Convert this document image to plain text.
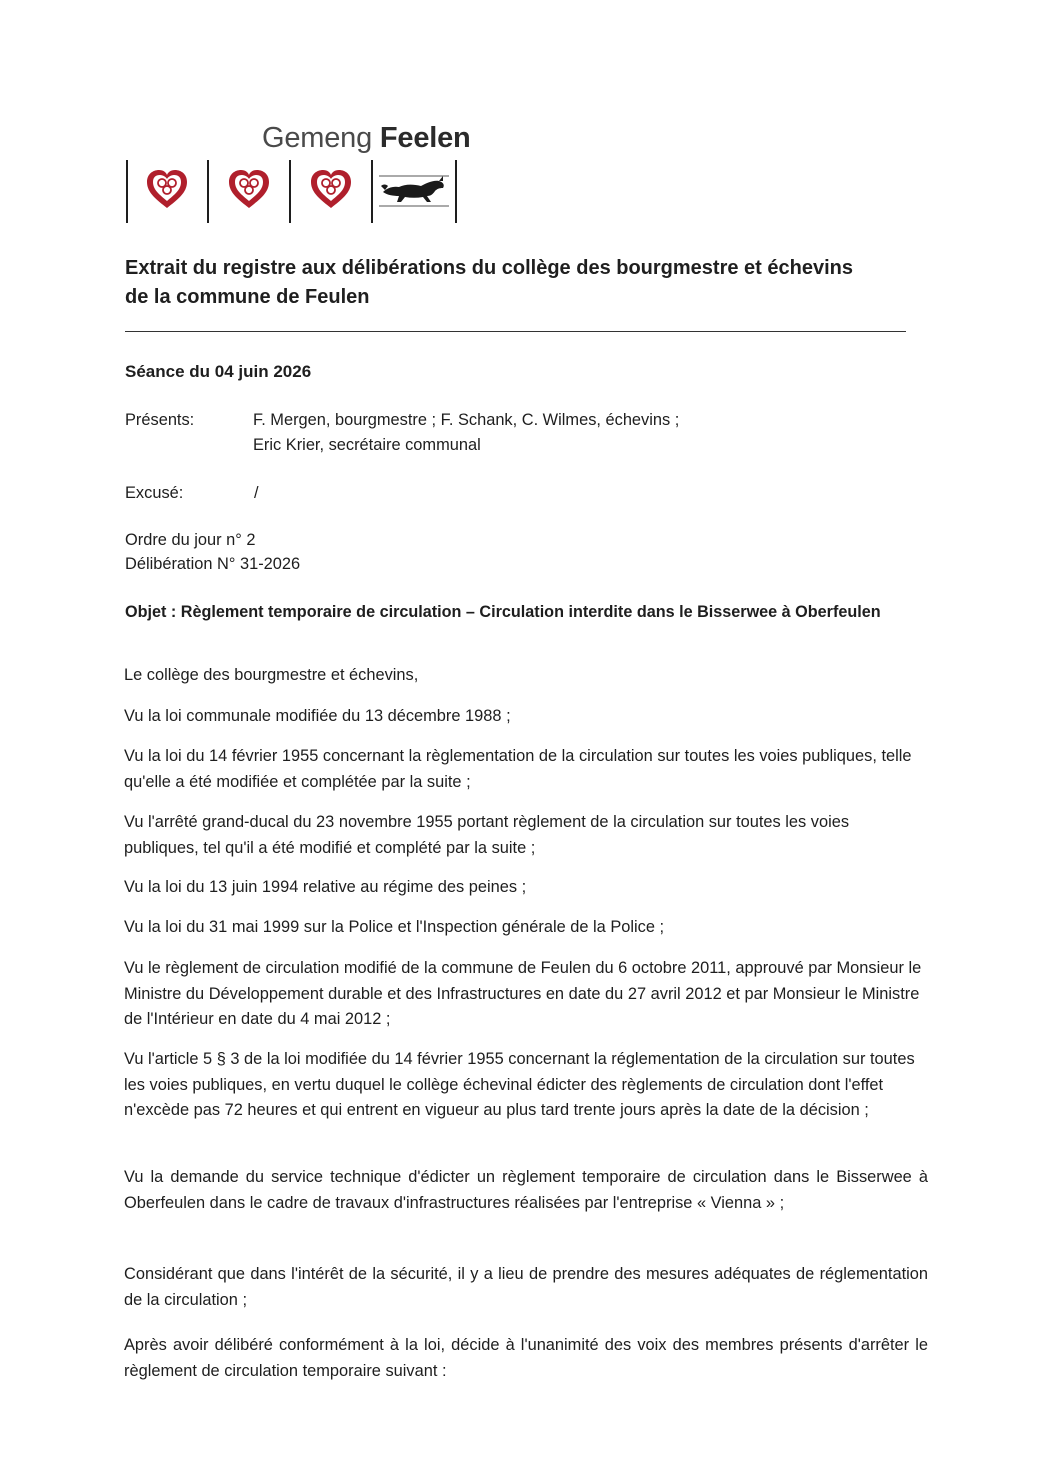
Gemeng Feelen
Extrait du registre aux délibérations du collège des bourgmestre et échevins
de la commune de Feulen
Séance du 04 juin 2026
Présents:	F. Mergen, bourgmestre ; F. Schank, C. Wilmes, échevins ;
Eric Krier, secrétaire communal
Excusé:	/
Ordre du jour n° 2
Délibération N° 31-2026
Objet : Règlement temporaire de circulation – Circulation interdite dans le Bisserwee à Oberfeulen
Le collège des bourgmestre et échevins,
Vu la loi communale modifiée du 13 décembre 1988 ;
Vu la loi du 14 février 1955 concernant la règlementation de la circulation sur toutes les voies publiques, telle qu'elle a été modifiée et complétée par la suite ;
Vu l'arrêté grand-ducal du 23 novembre 1955 portant règlement de la circulation sur toutes les voies publiques, tel qu'il a été modifié et complété par la suite ;
Vu la loi du 13 juin 1994 relative au régime des peines ;
Vu la loi du 31 mai 1999 sur la Police et l'Inspection générale de la Police ;
Vu le règlement de circulation modifié de la commune de Feulen du 6 octobre 2011, approuvé par Monsieur le Ministre du Développement durable et des Infrastructures en date du 27 avril 2012 et par Monsieur le Ministre de l'Intérieur en date du 4 mai 2012 ;
Vu l'article 5 § 3 de la loi modifiée du 14 février 1955 concernant la réglementation de la circulation sur toutes les voies publiques, en vertu duquel le collège échevinal édicter des règlements de circulation dont l'effet n'excède pas 72 heures et qui entrent en vigueur au plus tard trente jours après la date de la décision ;
Vu la demande du service technique d'édicter un règlement temporaire de circulation dans le Bisserwee à Oberfeulen dans le cadre de travaux d'infrastructures réalisées par l'entreprise « Vienna » ;
Considérant que dans l'intérêt de la sécurité, il y a lieu de prendre des mesures adéquates de réglementation de la circulation ;
Après avoir délibéré conformément à la loi, décide à l'unanimité des voix des membres présents d'arrêter le règlement de circulation temporaire suivant :
